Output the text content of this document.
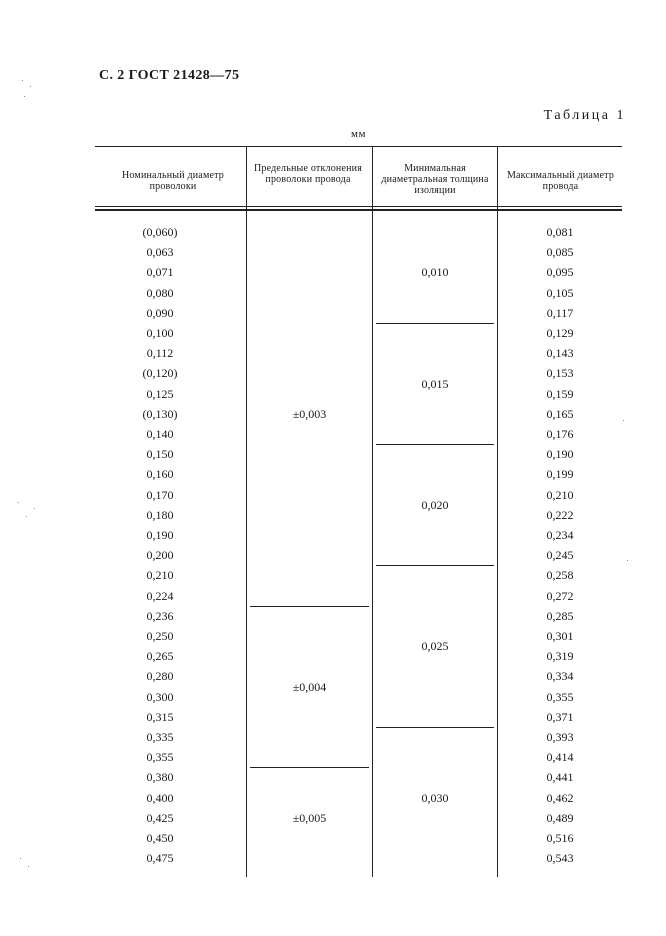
С. 2 ГОСТ 21428—75
Таблица 1
мм
Номинальный диаметр проволоки
Предельные отклонения проволоки провода
Минимальная диаметральная толщина изоляции
Максимальный диаметр провода
(0,060)
0,063
0,071
0,080
0,090
0,100
0,112
(0,120)
0,125
(0,130)
0,140
0,150
0,160
0,170
0,180
0,190
0,200
0,210
0,224
0,236
0,250
0,265
0,280
0,300
0,315
0,335
0,355
0,380
0,400
0,425
0,450
0,475
0,081
0,085
0,095
0,105
0,117
0,129
0,143
0,153
0,159
0,165
0,176
0,190
0,199
0,210
0,222
0,234
0,245
0,258
0,272
0,285
0,301
0,319
0,334
0,355
0,371
0,393
0,414
0,441
0,462
0,489
0,516
0,543
±0,003
±0,004
±0,005
0,010
0,015
0,020
0,025
0,030
